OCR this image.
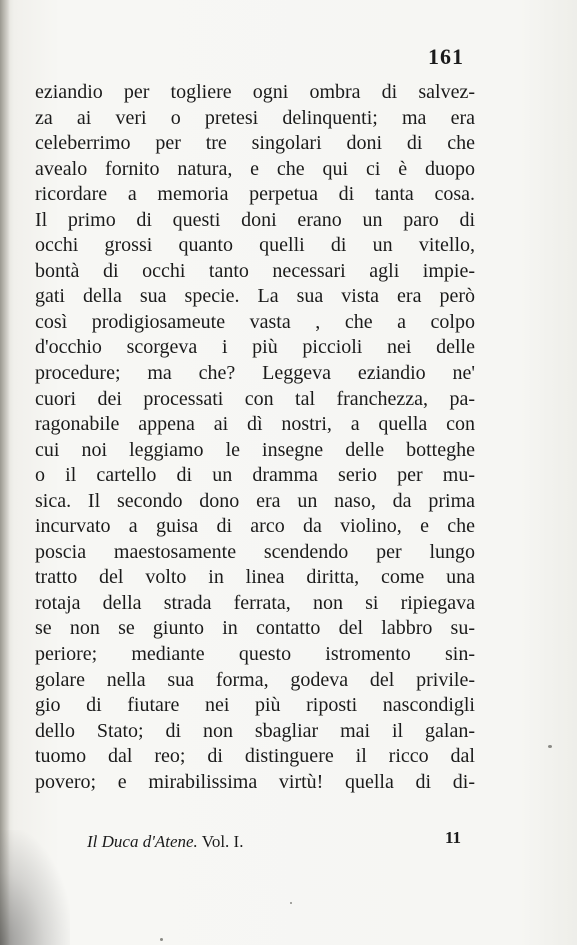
161
eziandio per togliere ogni ombra di salvez-
za ai veri o pretesi delinquenti; ma era
celeberrimo per tre singolari doni di che
avealo fornito natura, e che qui ci è duopo
ricordare a memoria perpetua di tanta cosa.
Il primo di questi doni erano un paro di
occhi grossi quanto quelli di un vitello,
bontà di occhi tanto necessari agli impie-
gati della sua specie. La sua vista era però
così prodigiosameute vasta , che a colpo
d'occhio scorgeva i più piccioli nei delle
procedure; ma che? Leggeva eziandio ne'
cuori dei processati con tal franchezza, pa-
ragonabile appena ai dì nostri, a quella con
cui noi leggiamo le insegne delle botteghe
o il cartello di un dramma serio per mu-
sica. Il secondo dono era un naso, da prima
incurvato a guisa di arco da violino, e che
poscia maestosamente scendendo per lungo
tratto del volto in linea diritta, come una
rotaja della strada ferrata, non si ripiegava
se non se giunto in contatto del labbro su-
periore; mediante questo istromento sin-
golare nella sua forma, godeva del privile-
gio di fiutare nei più riposti nascondigli
dello Stato; di non sbagliar mai il galan-
tuomo dal reo; di distinguere il ricco dal
povero; e mirabilissima virtù! quella di di-
Il Duca d'Atene. Vol. I.	11
